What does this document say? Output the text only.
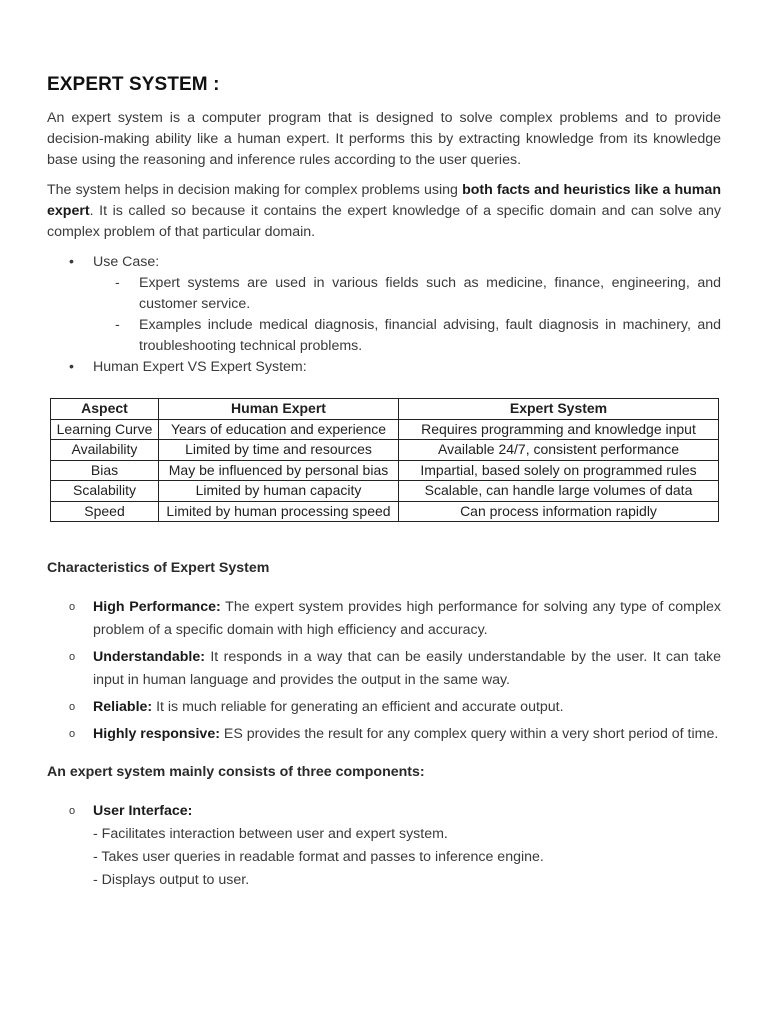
EXPERT SYSTEM :

An expert system is a computer program that is designed to solve complex problems and to provide decision-making ability like a human expert. It performs this by extracting knowledge from its knowledge base using the reasoning and inference rules according to the user queries.

The system helps in decision making for complex problems using both facts and heuristics like a human expert. It is called so because it contains the expert knowledge of a specific domain and can solve any complex problem of that particular domain.

• Use Case:
- Expert systems are used in various fields such as medicine, finance, engineering, and customer service.
- Examples include medical diagnosis, financial advising, fault diagnosis in machinery, and troubleshooting technical problems.
• Human Expert VS Expert System:
Aspect	Human Expert	Expert System
Learning Curve	Years of education and experience	Requires programming and knowledge input
Availability	Limited by time and resources	Available 24/7, consistent performance
Bias	May be influenced by personal bias	Impartial, based solely on programmed rules
Scalability	Limited by human capacity	Scalable, can handle large volumes of data
Speed	Limited by human processing speed	Can process information rapidly
Characteristics of Expert System
o High Performance: The expert system provides high performance for solving any type of complex problem of a specific domain with high efficiency and accuracy.
o Understandable: It responds in a way that can be easily understandable by the user. It can take input in human language and provides the output in the same way.
o Reliable: It is much reliable for generating an efficient and accurate output.
o Highly responsive: ES provides the result for any complex query within a very short period of time.
An expert system mainly consists of three components:
o User Interface:
- Facilitates interaction between user and expert system.
- Takes user queries in readable format and passes to inference engine.
- Displays output to user.
